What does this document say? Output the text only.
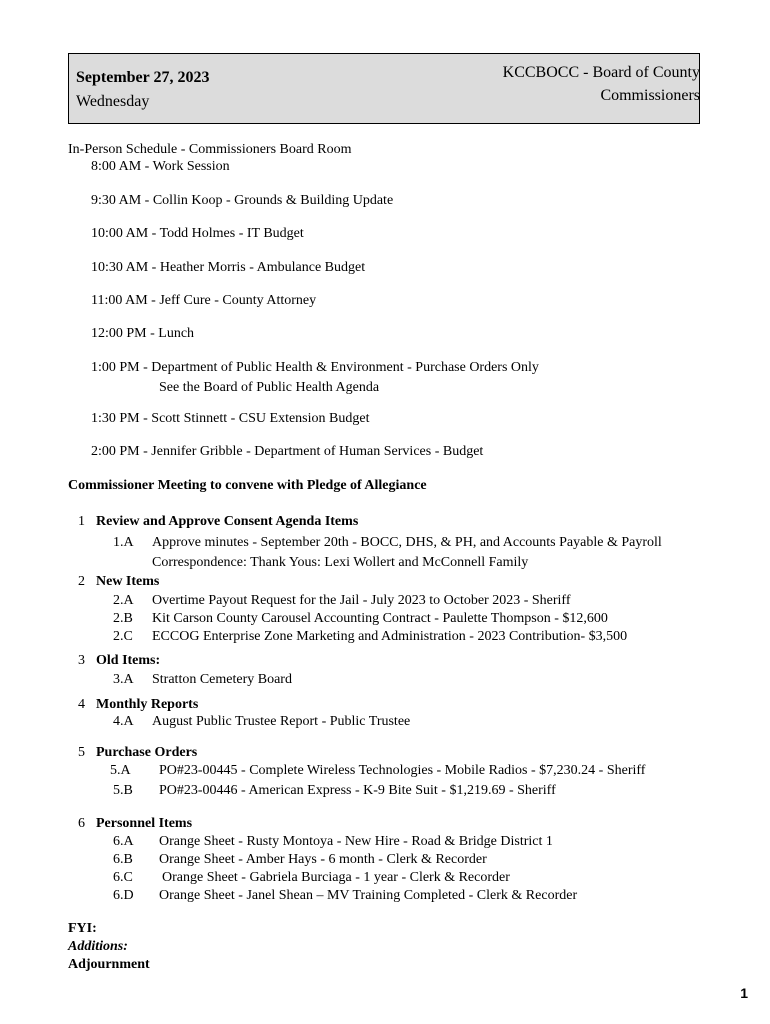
September 27, 2023
Wednesday
KCCBOCC - Board of County
Commissioners
In-Person Schedule - Commissioners Board Room
8:00 AM - Work Session
9:30 AM - Collin Koop - Grounds & Building Update
10:00 AM - Todd Holmes - IT Budget
10:30 AM - Heather Morris - Ambulance Budget
11:00 AM - Jeff Cure - County Attorney
12:00 PM - Lunch
1:00 PM - Department of Public Health & Environment - Purchase Orders Only
See the Board of Public Health Agenda
1:30 PM - Scott Stinnett - CSU Extension Budget
2:00 PM - Jennifer Gribble - Department of Human Services - Budget
Commissioner Meeting to convene with Pledge of Allegiance
1 Review and Approve Consent Agenda Items
1.A Approve minutes - September 20th - BOCC, DHS, & PH, and Accounts Payable & Payroll
Correspondence: Thank Yous: Lexi Wollert and McConnell Family
2 New Items
2.A Overtime Payout Request for the Jail - July 2023 to October 2023 - Sheriff
2.B Kit Carson County Carousel Accounting Contract - Paulette Thompson - $12,600
2.C ECCOG Enterprise Zone Marketing and Administration - 2023 Contribution- $3,500
3 Old Items:
3.A Stratton Cemetery Board
4 Monthly Reports
4.A August Public Trustee Report - Public Trustee
5 Purchase Orders
5.A PO#23-00445 - Complete Wireless Technologies - Mobile Radios - $7,230.24 - Sheriff
5.B PO#23-00446 - American Express - K-9 Bite Suit - $1,219.69 - Sheriff
6 Personnel Items
6.A Orange Sheet - Rusty Montoya - New Hire - Road & Bridge District 1
6.B Orange Sheet - Amber Hays - 6 month - Clerk & Recorder
6.C Orange Sheet - Gabriela Burciaga - 1 year - Clerk & Recorder
6.D Orange Sheet - Janel Shean – MV Training Completed - Clerk & Recorder
FYI:
Additions:
Adjournment
1
